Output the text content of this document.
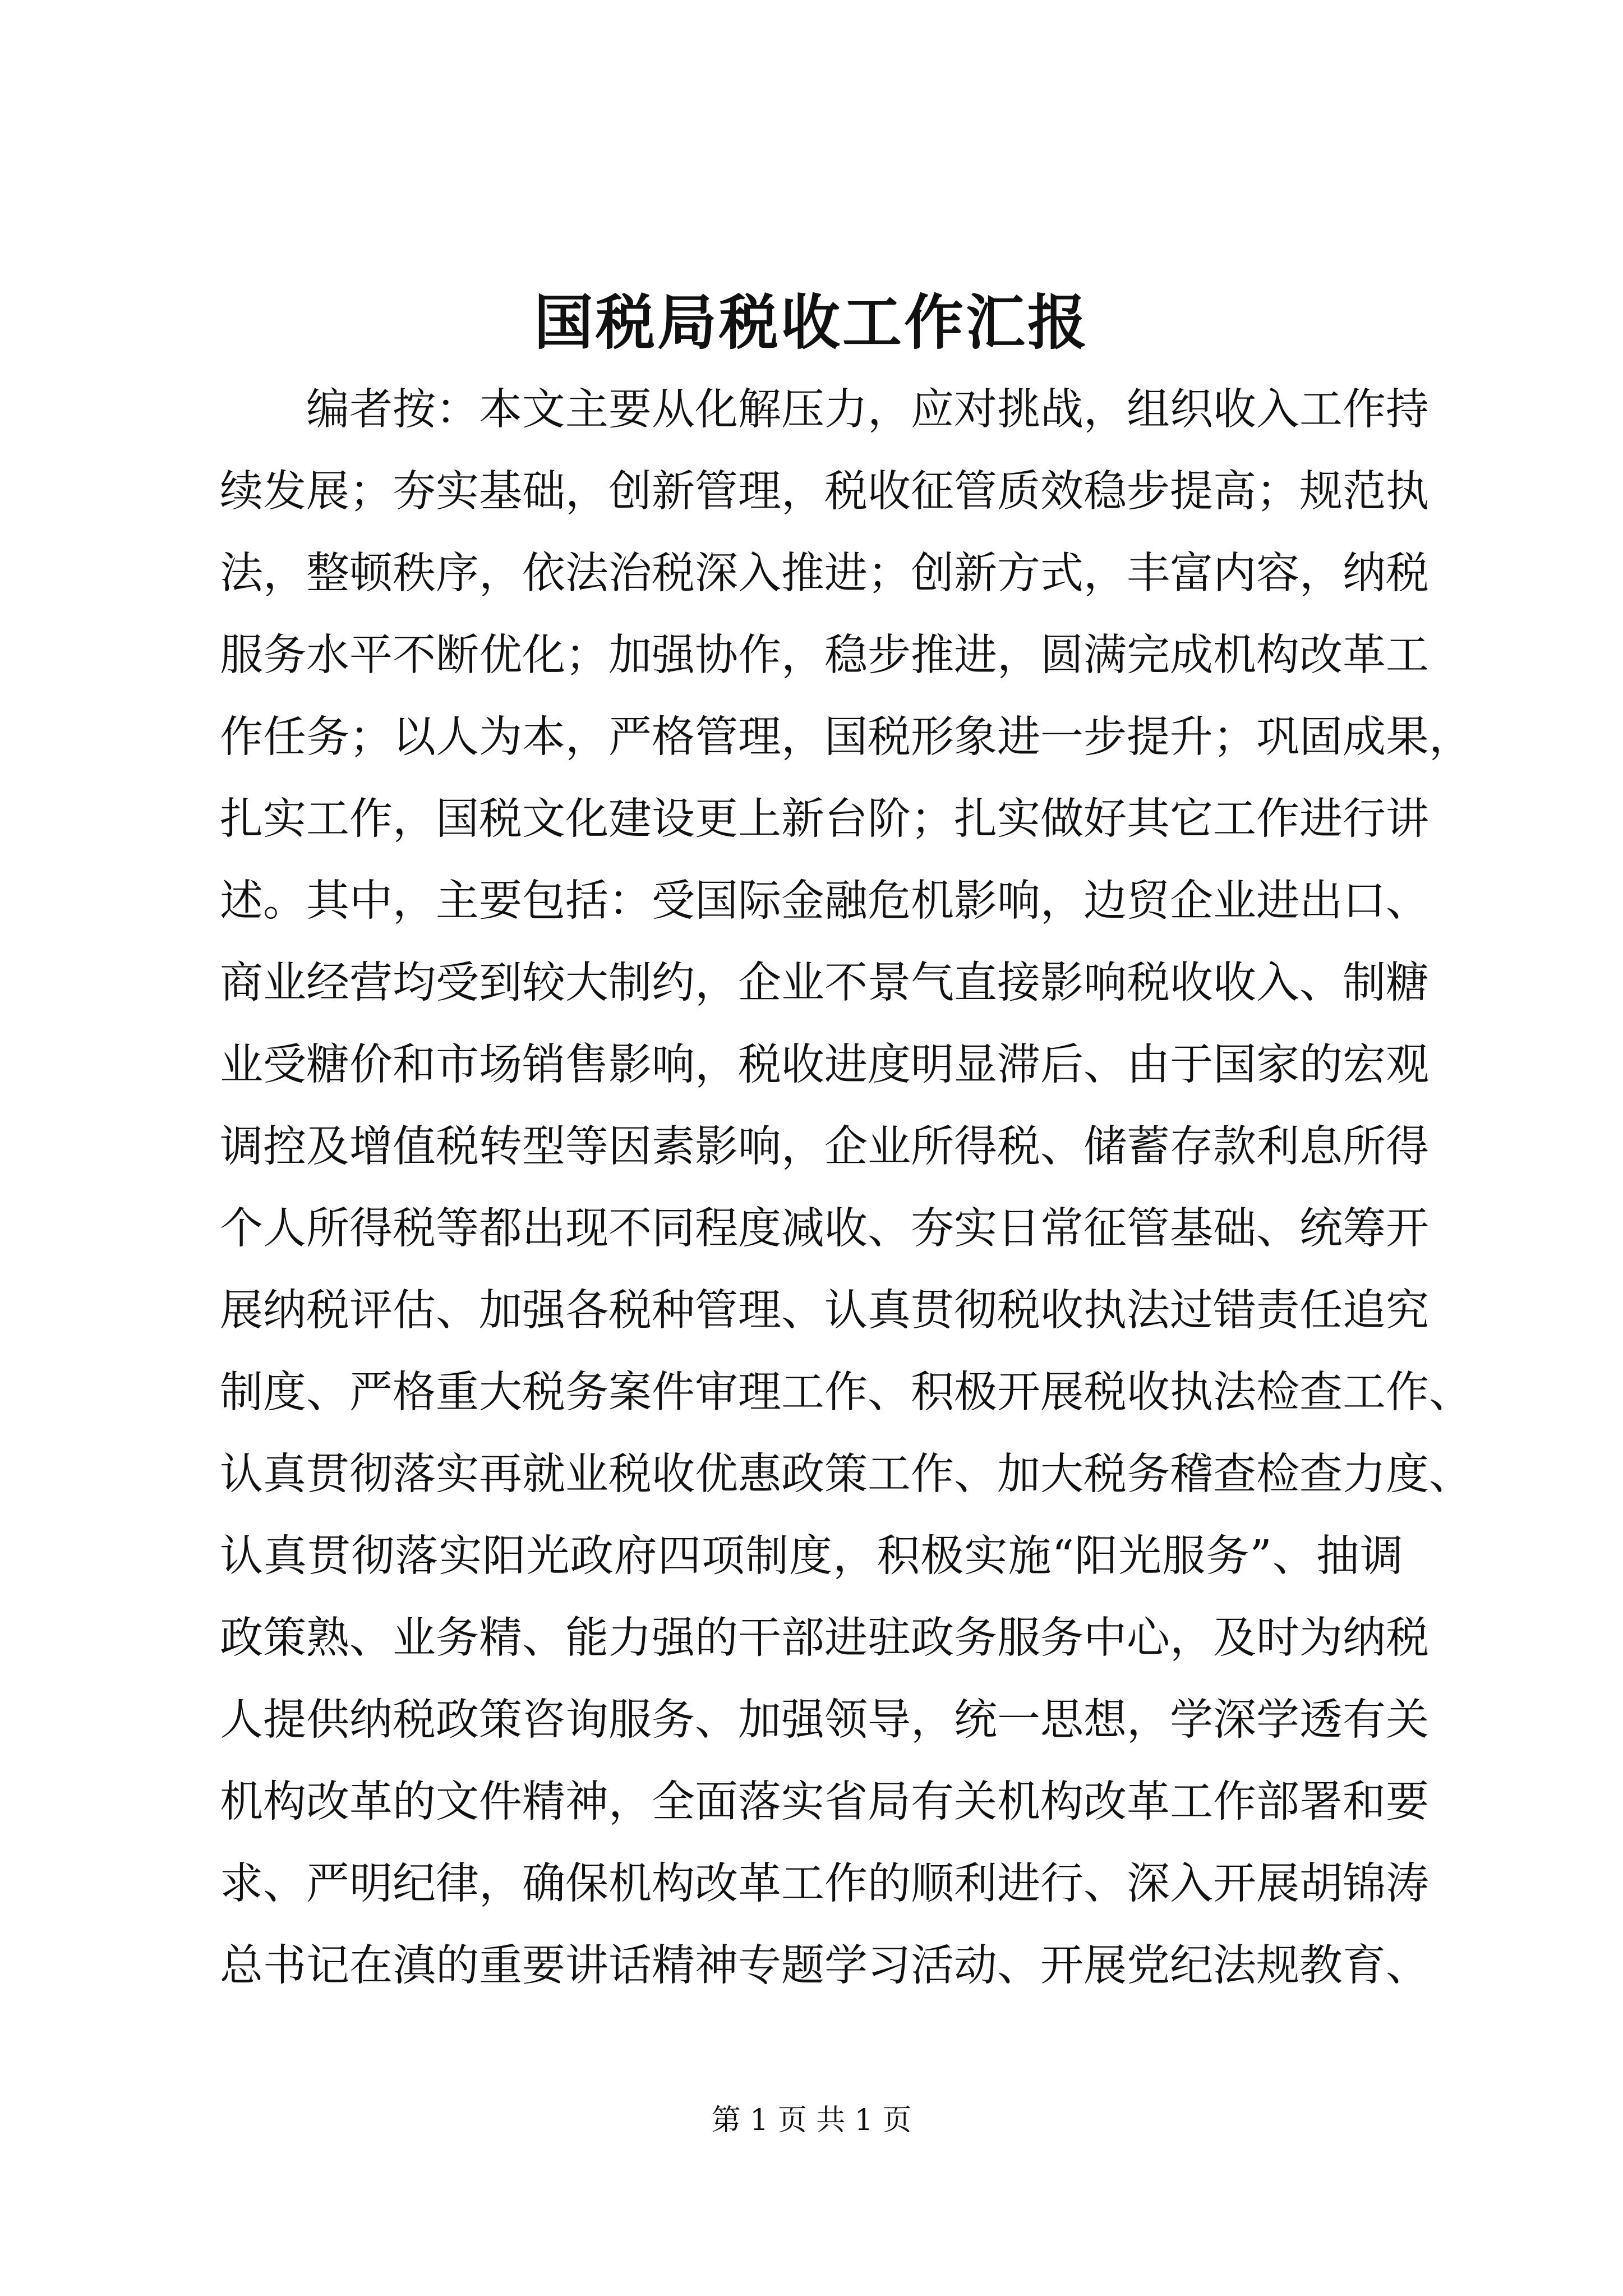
国税局税收工作汇报
编者按：本文主要从化解压力，应对挑战，组织收入工作持
续发展；夯实基础，创新管理，税收征管质效稳步提高；规范执
法，整顿秩序，依法治税深入推进；创新方式，丰富内容，纳税
服务水平不断优化；加强协作，稳步推进，圆满完成机构改革工
作任务；以人为本，严格管理，国税形象进一步提升；巩固成果，
扎实工作，国税文化建设更上新台阶；扎实做好其它工作进行讲
述。其中，主要包括：受国际金融危机影响，边贸企业进出口、
商业经营均受到较大制约，企业不景气直接影响税收收入、制糖
业受糖价和市场销售影响，税收进度明显滞后、由于国家的宏观
调控及增值税转型等因素影响，企业所得税、储蓄存款利息所得
个人所得税等都出现不同程度减收、夯实日常征管基础、统筹开
展纳税评估、加强各税种管理、认真贯彻税收执法过错责任追究
制度、严格重大税务案件审理工作、积极开展税收执法检查工作、
认真贯彻落实再就业税收优惠政策工作、加大税务稽查检查力度、
认真贯彻落实阳光政府四项制度，积极实施“阳光服务”、抽调
政策熟、业务精、能力强的干部进驻政务服务中心，及时为纳税
人提供纳税政策咨询服务、加强领导，统一思想，学深学透有关
机构改革的文件精神，全面落实省局有关机构改革工作部署和要
求、严明纪律，确保机构改革工作的顺利进行、深入开展胡锦涛
总书记在滇的重要讲话精神专题学习活动、开展党纪法规教育、
第 1 页 共 1 页
